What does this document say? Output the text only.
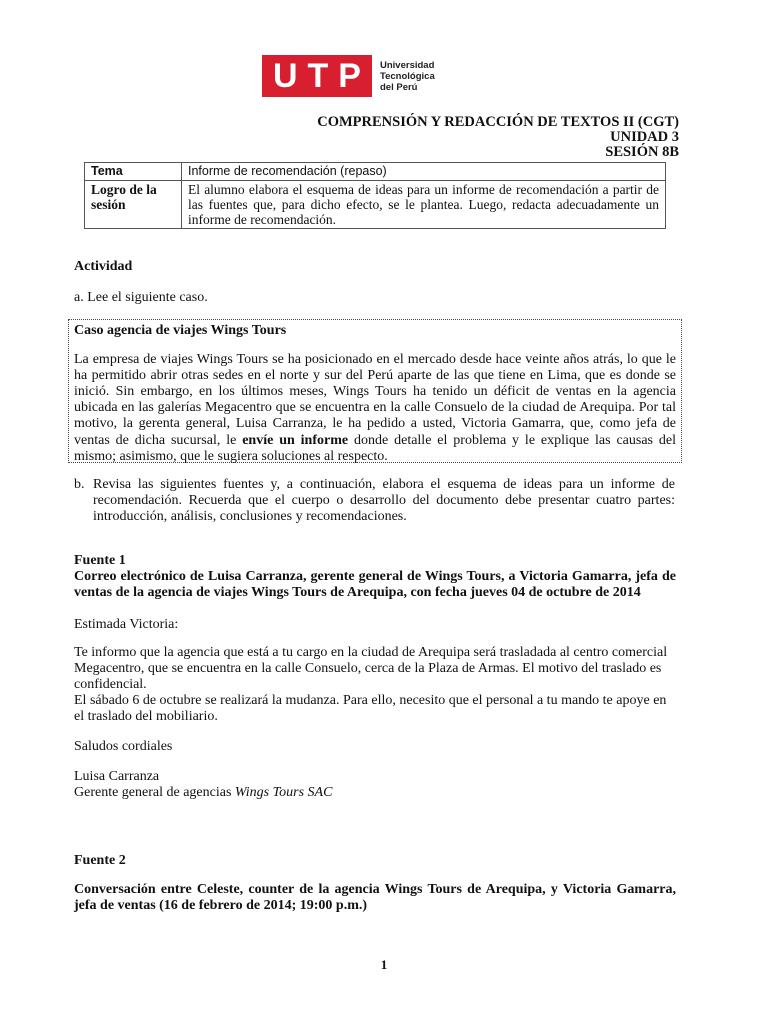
U T P Universidad
Tecnológica
del Perú
COMPRENSIÓN Y REDACCIÓN DE TEXTOS II (CGT)
UNIDAD 3
SESIÓN 8B
Tema	Informe de recomendación (repaso)
Logro de la sesión	El alumno elabora el esquema de ideas para un informe de recomendación a partir de las fuentes que, para dicho efecto, se le plantea. Luego, redacta adecuadamente un informe de recomendación.
Actividad
a. Lee el siguiente caso.
Caso agencia de viajes Wings Tours
La empresa de viajes Wings Tours se ha posicionado en el mercado desde hace veinte años atrás, lo que le ha permitido abrir otras sedes en el norte y sur del Perú aparte de las que tiene en Lima, que es donde se inició. Sin embargo, en los últimos meses, Wings Tours ha tenido un déficit de ventas en la agencia ubicada en las galerías Megacentro que se encuentra en la calle Consuelo de la ciudad de Arequipa. Por tal motivo, la gerenta general, Luisa Carranza, le ha pedido a usted, Victoria Gamarra, que, como jefa de ventas de dicha sucursal, le envíe un informe donde detalle el problema y le explique las causas del mismo; asimismo, que le sugiera soluciones al respecto.
b. Revisa las siguientes fuentes y, a continuación, elabora el esquema de ideas para un informe de recomendación. Recuerda que el cuerpo o desarrollo del documento debe presentar cuatro partes: introducción, análisis, conclusiones y recomendaciones.
Fuente 1
Correo electrónico de Luisa Carranza, gerente general de Wings Tours, a Victoria Gamarra, jefa de ventas de la agencia de viajes Wings Tours de Arequipa, con fecha jueves 04 de octubre de 2014
Estimada Victoria:
Te informo que la agencia que está a tu cargo en la ciudad de Arequipa será trasladada al centro comercial Megacentro, que se encuentra en la calle Consuelo, cerca de la Plaza de Armas. El motivo del traslado es confidencial.
El sábado 6 de octubre se realizará la mudanza. Para ello, necesito que el personal a tu mando te apoye en el traslado del mobiliario.
Saludos cordiales
Luisa Carranza
Gerente general de agencias Wings Tours SAC
Fuente 2
Conversación entre Celeste, counter de la agencia Wings Tours de Arequipa, y Victoria Gamarra, jefa de ventas (16 de febrero de 2014; 19:00 p.m.)
1
